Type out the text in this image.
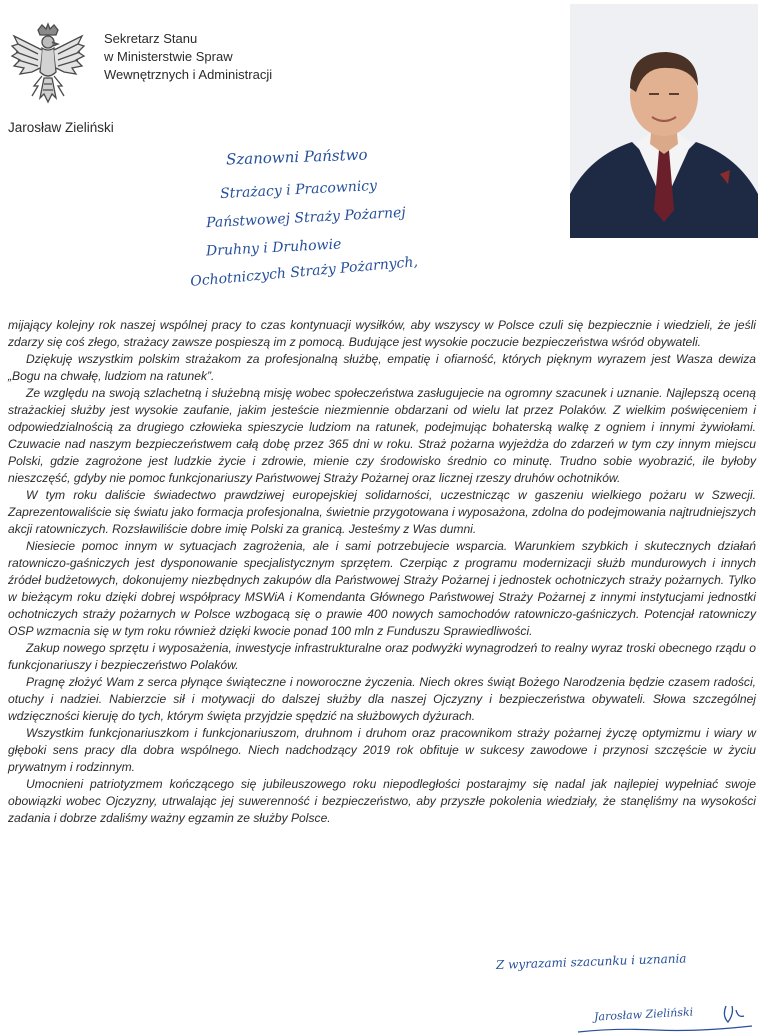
Sekretarz Stanu
w Ministerstwie Spraw
Wewnętrznych i Administracji
Jarosław Zieliński
Szanowni Państwo
Strażacy i Pracownicy
Państwowej Straży Pożarnej
Druhny i Druhowie
Ochotniczych Straży Pożarnych,

mijający kolejny rok naszej wspólnej pracy to czas kontynuacji wysiłków, aby wszyscy w Polsce czuli się bezpiecznie i wiedzieli, że jeśli zdarzy się coś złego, strażacy zawsze pospieszą im z pomocą. Budujące jest wysokie poczucie bezpieczeństwa wśród obywateli.

Dziękuję wszystkim polskim strażakom za profesjonalną służbę, empatię i ofiarność, których pięknym wyrazem jest Wasza dewiza „Bogu na chwałę, ludziom na ratunek”.

Ze względu na swoją szlachetną i służebną misję wobec społeczeństwa zasługujecie na ogromny szacunek i uznanie. Najlepszą oceną strażackiej służby jest wysokie zaufanie, jakim jesteście niezmiennie obdarzani od wielu lat przez Polaków. Z wielkim poświęceniem i odpowiedzialnością za drugiego człowieka spieszycie ludziom na ratunek, podejmując bohaterską walkę z ogniem i innymi żywiołami. Czuwacie nad naszym bezpieczeństwem całą dobę przez 365 dni w roku. Straż pożarna wyjeżdża do zdarzeń w tym czy innym miejscu Polski, gdzie zagrożone jest ludzkie życie i zdrowie, mienie czy środowisko średnio co minutę. Trudno sobie wyobrazić, ile byłoby nieszczęść, gdyby nie pomoc funkcjonariuszy Państwowej Straży Pożarnej oraz licznej rzeszy druhów ochotników.

W tym roku daliście świadectwo prawdziwej europejskiej solidarności, uczestnicząc w gaszeniu wielkiego pożaru w Szwecji. Zaprezentowaliście się światu jako formacja profesjonalna, świetnie przygotowana i wyposażona, zdolna do podejmowania najtrudniejszych akcji ratowniczych. Rozsławiliście dobre imię Polski za granicą. Jesteśmy z Was dumni.

Niesiecie pomoc innym w sytuacjach zagrożenia, ale i sami potrzebujecie wsparcia. Warunkiem szybkich i skutecznych działań ratowniczo-gaśniczych jest dysponowanie specjalistycznym sprzętem. Czerpiąc z programu modernizacji służb mundurowych i innych źródeł budżetowych, dokonujemy niezbędnych zakupów dla Państwowej Straży Pożarnej i jednostek ochotniczych straży pożarnych. Tylko w bieżącym roku dzięki dobrej współpracy MSWiA i Komendanta Głównego Państwowej Straży Pożarnej z innymi instytucjami jednostki ochotniczych straży pożarnych w Polsce wzbogacą się o prawie 400 nowych samochodów ratowniczo-gaśniczych. Potencjał ratowniczy OSP wzmacnia się w tym roku również dzięki kwocie ponad 100 mln z Funduszu Sprawiedliwości.

Zakup nowego sprzętu i wyposażenia, inwestycje infrastrukturalne oraz podwyżki wynagrodzeń to realny wyraz troski obecnego rządu o funkcjonariuszy i bezpieczeństwo Polaków.

Pragnę złożyć Wam z serca płynące świąteczne i noworoczne życzenia. Niech okres świąt Bożego Narodzenia będzie czasem radości, otuchy i nadziei. Nabierzcie sił i motywacji do dalszej służby dla naszej Ojczyzny i bezpieczeństwa obywateli. Słowa szczególnej wdzięczności kieruję do tych, którym święta przyjdzie spędzić na służbowych dyżurach.

Wszystkim funkcjonariuszkom i funkcjonariuszom, druhnom i druhom oraz pracownikom straży pożarnej życzę optymizmu i wiary w głęboki sens pracy dla dobra wspólnego. Niech nadchodzący 2019 rok obfituje w sukcesy zawodowe i przynosi szczęście w życiu prywatnym i rodzinnym.

Umocnieni patriotyzmem kończącego się jubileuszowego roku niepodległości postarajmy się nadal jak najlepiej wypełniać swoje obowiązki wobec Ojczyzny, utrwalając jej suwerenność i bezpieczeństwo, aby przyszłe pokolenia wiedziały, że stanęliśmy na wysokości zadania i dobrze zdaliśmy ważny egzamin ze służby Polsce.

Z wyrazami szacunku i uznania
Jarosław Zieliński
